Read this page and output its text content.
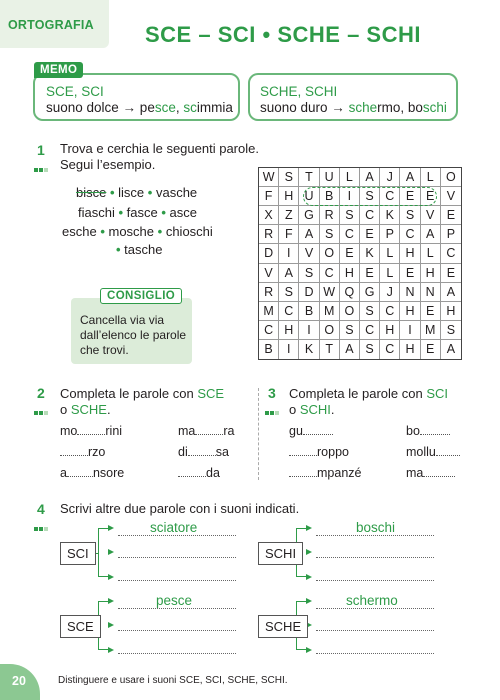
ORTOGRAFIA SCE – SCI • SCHE – SCHI
SCE, SCI
suono dolce → pesce, scimmia
MEMO
SCHE, SCHI
suono duro → schermo, boschi
1 Trova e cerchia le seguenti parole.
Segui l’esempio.
bisce • lisce • vasche
fiaschi • fasce • asce
esche • mosche • chioschi
• tasche
CONSIGLIO
Cancella via via dall’elenco le parole che trovi.
W S T U L	A	J	A	L O
F H U B	I	S C E E V
X Z G R S C K S V E
R F A S C E P C A P
D	I	V O E K	L H L	C
V A S C H E	L	E H E
R S D W Q G J	N N A
M C B M O S C H E H
C H	I	O S C H	I	M S
B	I	K T A S C H E A
2 Completa le parole con SCE
o SCHE.
mo rini	ma ra
rzo	di sa
a nsore	da
3 Completa le parole con SCI
o SCHI.
gu	bo
roppo	mollu
mpanzé	ma
4 Scrivi altre due parole con i suoni indicati.
SCI
sciatore
SCHI
boschi
SCE
pesce
SCHE
schermo
20	Distinguere e usare i suoni SCE, SCI, SCHE, SCHI.
